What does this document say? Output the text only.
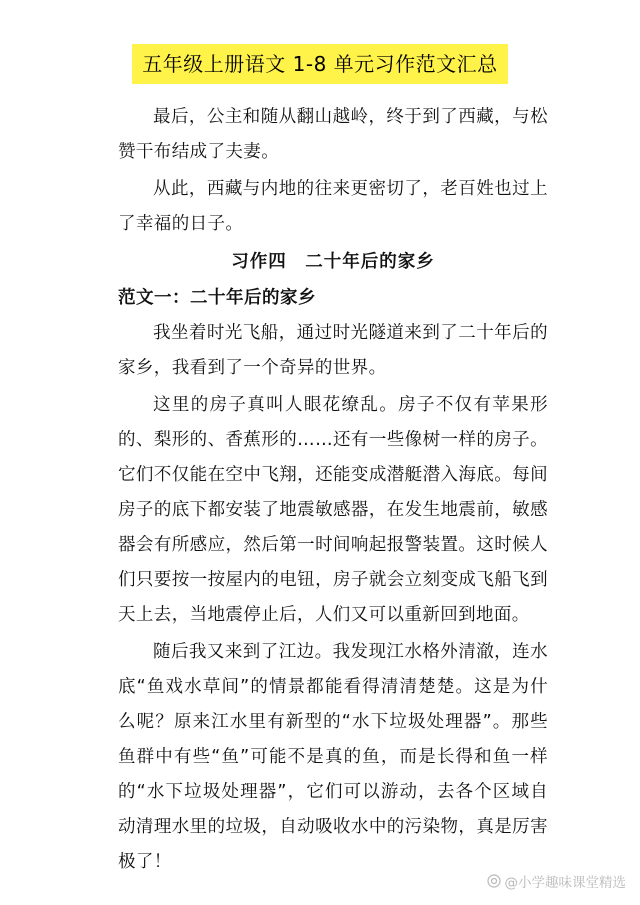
五年级上册语文 1-8 单元习作范文汇总

最后，公主和随从翻山越岭，终于到了西藏，与松赞干布结成了夫妻。

从此，西藏与内地的往来更密切了，老百姓也过上了幸福的日子。

习作四　二十年后的家乡

范文一：二十年后的家乡

我坐着时光飞船，通过时光隧道来到了二十年后的家乡，我看到了一个奇异的世界。

这里的房子真叫人眼花缭乱。房子不仅有苹果形的、梨形的、香蕉形的……还有一些像树一样的房子。它们不仅能在空中飞翔，还能变成潜艇潜入海底。每间房子的底下都安装了地震敏感器，在发生地震前，敏感器会有所感应，然后第一时间响起报警装置。这时候人们只要按一按屋内的电钮，房子就会立刻变成飞船飞到天上去，当地震停止后，人们又可以重新回到地面。

随后我又来到了江边。我发现江水格外清澈，连水底“鱼戏水草间”的情景都能看得清清楚楚。这是为什么呢？原来江水里有新型的“水下垃圾处理器”。那些鱼群中有些“鱼”可能不是真的鱼，而是长得和鱼一样的“水下垃圾处理器”，它们可以游动，去各个区域自动清理水里的垃圾，自动吸收水中的污染物，真是厉害极了！

@小学趣味课堂精选
